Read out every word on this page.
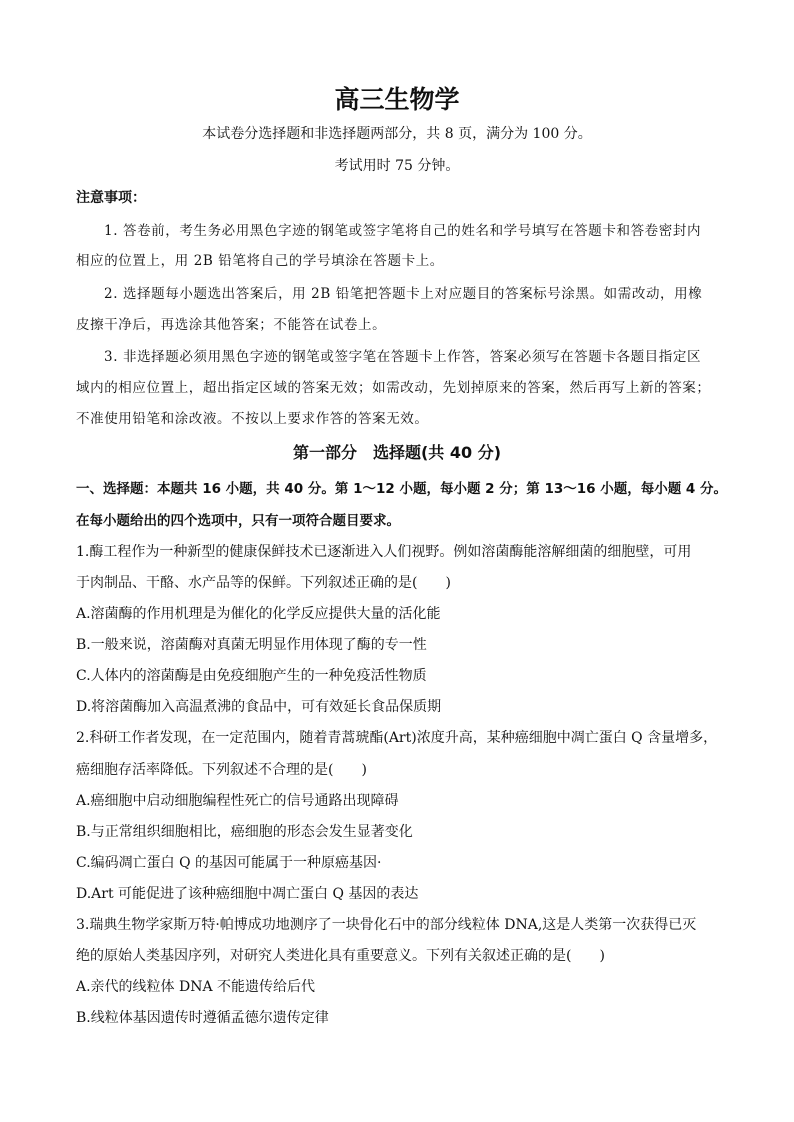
高三生物学
本试卷分选择题和非选择题两部分，共 8 页，满分为 100 分。
考试用时 75 分钟。
注意事项：
1. 答卷前，考生务必用黑色字迹的钢笔或签字笔将自己的姓名和学号填写在答题卡和答卷密封内
相应的位置上，用 2B 铅笔将自己的学号填涂在答题卡上。
2. 选择题每小题选出答案后，用 2B 铅笔把答题卡上对应题目的答案标号涂黑。如需改动，用橡
皮擦干净后，再选涂其他答案；不能答在试卷上。
3. 非选择题必须用黑色字迹的钢笔或签字笔在答题卡上作答，答案必须写在答题卡各题目指定区
域内的相应位置上，超出指定区域的答案无效；如需改动，先划掉原来的答案，然后再写上新的答案；
不准使用铅笔和涂改液。不按以上要求作答的答案无效。
第一部分　选择题(共 40 分)
一、选择题：本题共 16 小题，共 40 分。第 1～12 小题，每小题 2 分；第 13～16 小题，每小题 4 分。
在每小题给出的四个选项中，只有一项符合题目要求。
1.酶工程作为一种新型的健康保鲜技术已逐渐进入人们视野。例如溶菌酶能溶解细菌的细胞壁，可用
于肉制品、干酪、水产品等的保鲜。下列叙述正确的是(　　)
A.溶菌酶的作用机理是为催化的化学反应提供大量的活化能
B.一般来说，溶菌酶对真菌无明显作用体现了酶的专一性
C.人体内的溶菌酶是由免疫细胞产生的一种免疫活性物质
D.将溶菌酶加入高温煮沸的食品中，可有效延长食品保质期
2.科研工作者发现，在一定范围内，随着青蒿琥酯(Art)浓度升高，某种癌细胞中凋亡蛋白 Q 含量增多，
癌细胞存活率降低。下列叙述不合理的是(　　)
A.癌细胞中启动细胞编程性死亡的信号通路出现障碍
B.与正常组织细胞相比，癌细胞的形态会发生显著变化
C.编码凋亡蛋白 Q 的基因可能属于一种原癌基因·
D.Art 可能促进了该种癌细胞中凋亡蛋白 Q 基因的表达
3.瑞典生物学家斯万特·帕博成功地测序了一块骨化石中的部分线粒体 DNA,这是人类第一次获得已灭
绝的原始人类基因序列，对研究人类进化具有重要意义。下列有关叙述正确的是(　　)
A.亲代的线粒体 DNA 不能遗传给后代
B.线粒体基因遗传时遵循孟德尔遗传定律
